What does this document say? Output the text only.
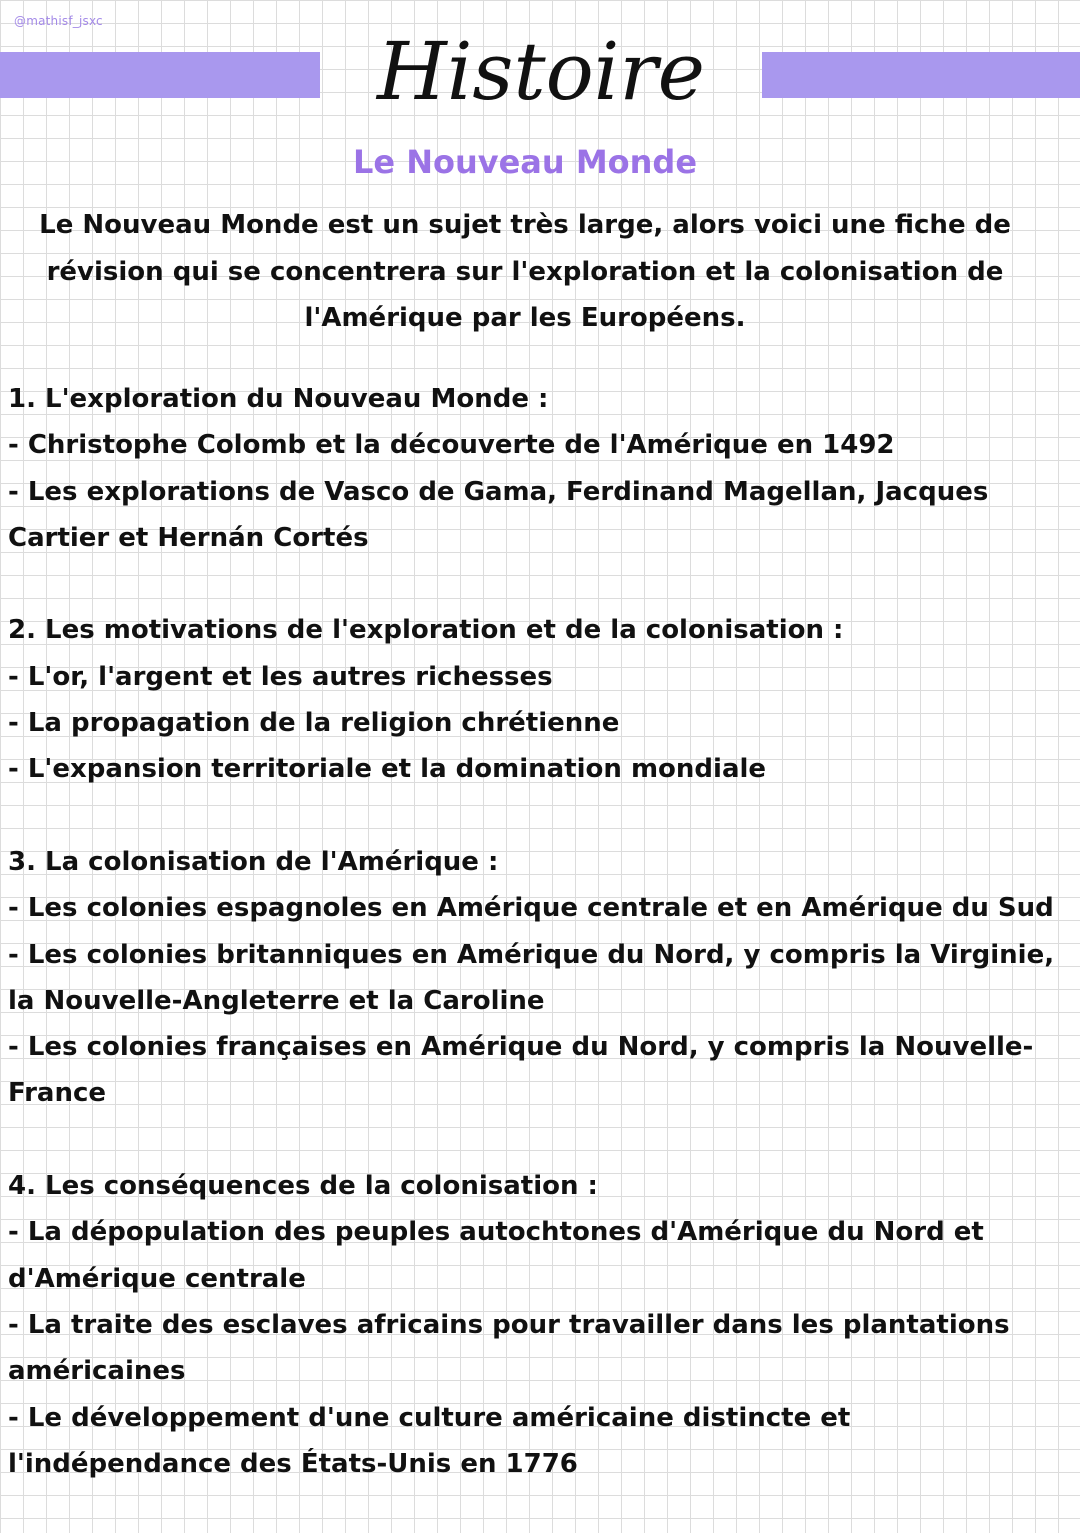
@mathisf_jsxc
Histoire
Le Nouveau Monde
Le Nouveau Monde est un sujet très large, alors voici une fiche de révision qui se concentrera sur l'exploration et la colonisation de l'Amérique par les Européens.

1. L'exploration du Nouveau Monde :

- Christophe Colomb et la découverte de l'Amérique en 1492

- Les explorations de Vasco de Gama, Ferdinand Magellan, Jacques Cartier et Hernán Cortés

2. Les motivations de l'exploration et de la colonisation :

- L'or, l'argent et les autres richesses

- La propagation de la religion chrétienne

- L'expansion territoriale et la domination mondiale

3. La colonisation de l'Amérique :

- Les colonies espagnoles en Amérique centrale et en Amérique du Sud

- Les colonies britanniques en Amérique du Nord, y compris la Virginie, la Nouvelle-Angleterre et la Caroline

- Les colonies françaises en Amérique du Nord, y compris la Nouvelle-France

4. Les conséquences de la colonisation :

- La dépopulation des peuples autochtones d'Amérique du Nord et d'Amérique centrale

- La traite des esclaves africains pour travailler dans les plantations américaines

- Le développement d'une culture américaine distincte et l'indépendance des États-Unis en 1776
